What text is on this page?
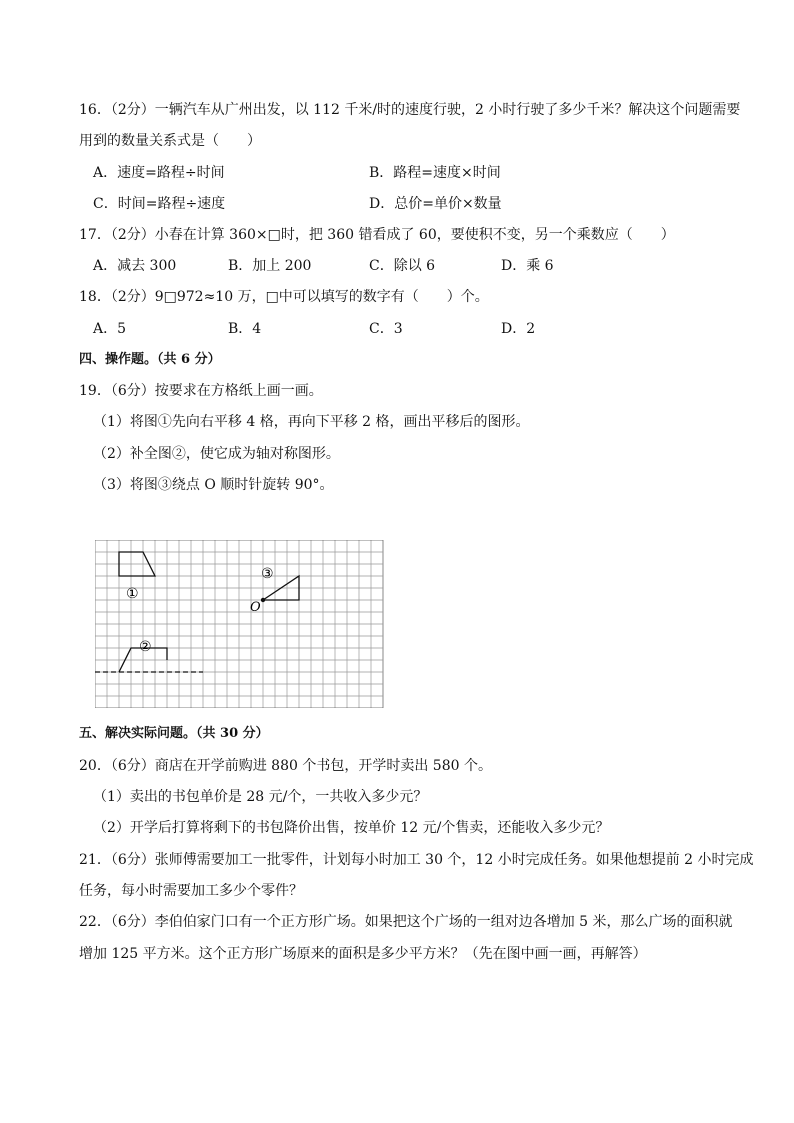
16．（2分）一辆汽车从广州出发，以 112 千米/时的速度行驶，2 小时行驶了多少千米？解决这个问题需要
用到的数量关系式是（　　）
A．速度=路程÷时间	B．路程=速度×时间
C．时间=路程÷速度	D．总价=单价×数量
17．（2分）小春在计算 360×□时，把 360 错看成了 60，要使积不变，另一个乘数应（　　）
A．减去 300	B．加上 200	C．除以 6	D．乘 6
18．（2分）9□972≈10 万，□中可以填写的数字有（　　）个。
A．5	B．4	C．3	D．2
四、操作题。（共 6 分）
19．（6分）按要求在方格纸上画一画。
（1）将图①先向右平移 4 格，再向下平移 2 格，画出平移后的图形。
（2）补全图②，使它成为轴对称图形。
（3）将图③绕点 O 顺时针旋转 90°。
①
③
O
②
五、解决实际问题。（共 30 分）
20．（6分）商店在开学前购进 880 个书包，开学时卖出 580 个。
（1）卖出的书包单价是 28 元/个，一共收入多少元？
（2）开学后打算将剩下的书包降价出售，按单价 12 元/个售卖，还能收入多少元？
21．（6分）张师傅需要加工一批零件，计划每小时加工 30 个，12 小时完成任务。如果他想提前 2 小时完成
任务，每小时需要加工多少个零件？
22．（6分）李伯伯家门口有一个正方形广场。如果把这个广场的一组对边各增加 5 米，那么广场的面积就
增加 125 平方米。这个正方形广场原来的面积是多少平方米？（先在图中画一画，再解答）
